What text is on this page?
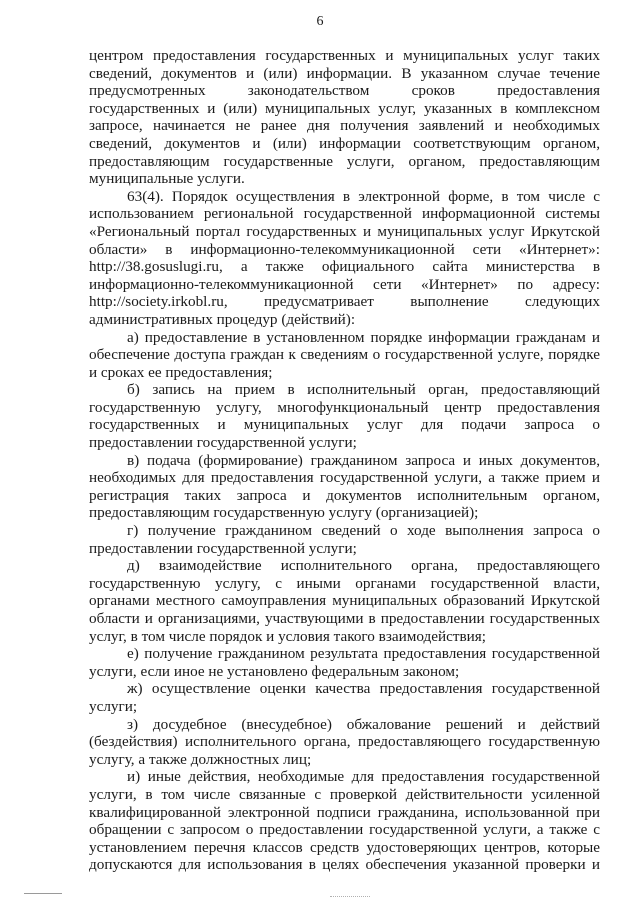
6
центром предоставления государственных и муниципальных услуг таких
сведений, документов и (или) информации. В указанном случае течение
предусмотренных законодательством сроков предоставления
государственных и (или) муниципальных услуг, указанных в комплексном
запросе, начинается не ранее дня получения заявлений и необходимых
сведений, документов и (или) информации соответствующим органом,
предоставляющим государственные услуги, органом, предоставляющим
муниципальные услуги.
63(4). Порядок осуществления в электронной форме, в том числе с
использованием региональной государственной информационной системы
«Региональный портал государственных и муниципальных услуг Иркутской
области» в информационно-телекоммуникационной сети «Интернет»:
http://38.gosuslugi.ru, а также официального сайта министерства в
информационно-телекоммуникационной сети «Интернет» по адресу:
http://society.irkobl.ru, предусматривает выполнение следующих
административных процедур (действий):
а) предоставление в установленном порядке информации гражданам и
обеспечение доступа граждан к сведениям о государственной услуге, порядке
и сроках ее предоставления;
б) запись на прием в исполнительный орган, предоставляющий
государственную услугу, многофункциональный центр предоставления
государственных и муниципальных услуг для подачи запроса о
предоставлении государственной услуги;
в) подача (формирование) гражданином запроса и иных документов,
необходимых для предоставления государственной услуги, а также прием и
регистрация таких запроса и документов исполнительным органом,
предоставляющим государственную услугу (организацией);
г) получение гражданином сведений о ходе выполнения запроса о
предоставлении государственной услуги;
д) взаимодействие исполнительного органа, предоставляющего
государственную услугу, с иными органами государственной власти,
органами местного самоуправления муниципальных образований Иркутской
области и организациями, участвующими в предоставлении государственных
услуг, в том числе порядок и условия такого взаимодействия;
е) получение гражданином результата предоставления государственной
услуги, если иное не установлено федеральным законом;
ж) осуществление оценки качества предоставления государственной
услуги;
з) досудебное (внесудебное) обжалование решений и действий
(бездействия) исполнительного органа, предоставляющего государственную
услугу, а также должностных лиц;
и) иные действия, необходимые для предоставления государственной
услуги, в том числе связанные с проверкой действительности усиленной
квалифицированной электронной подписи гражданина, использованной при
обращении с запросом о предоставлении государственной услуги, а также с
установлением перечня классов средств удостоверяющих центров, которые
допускаются для использования в целях обеспечения указанной проверки и
